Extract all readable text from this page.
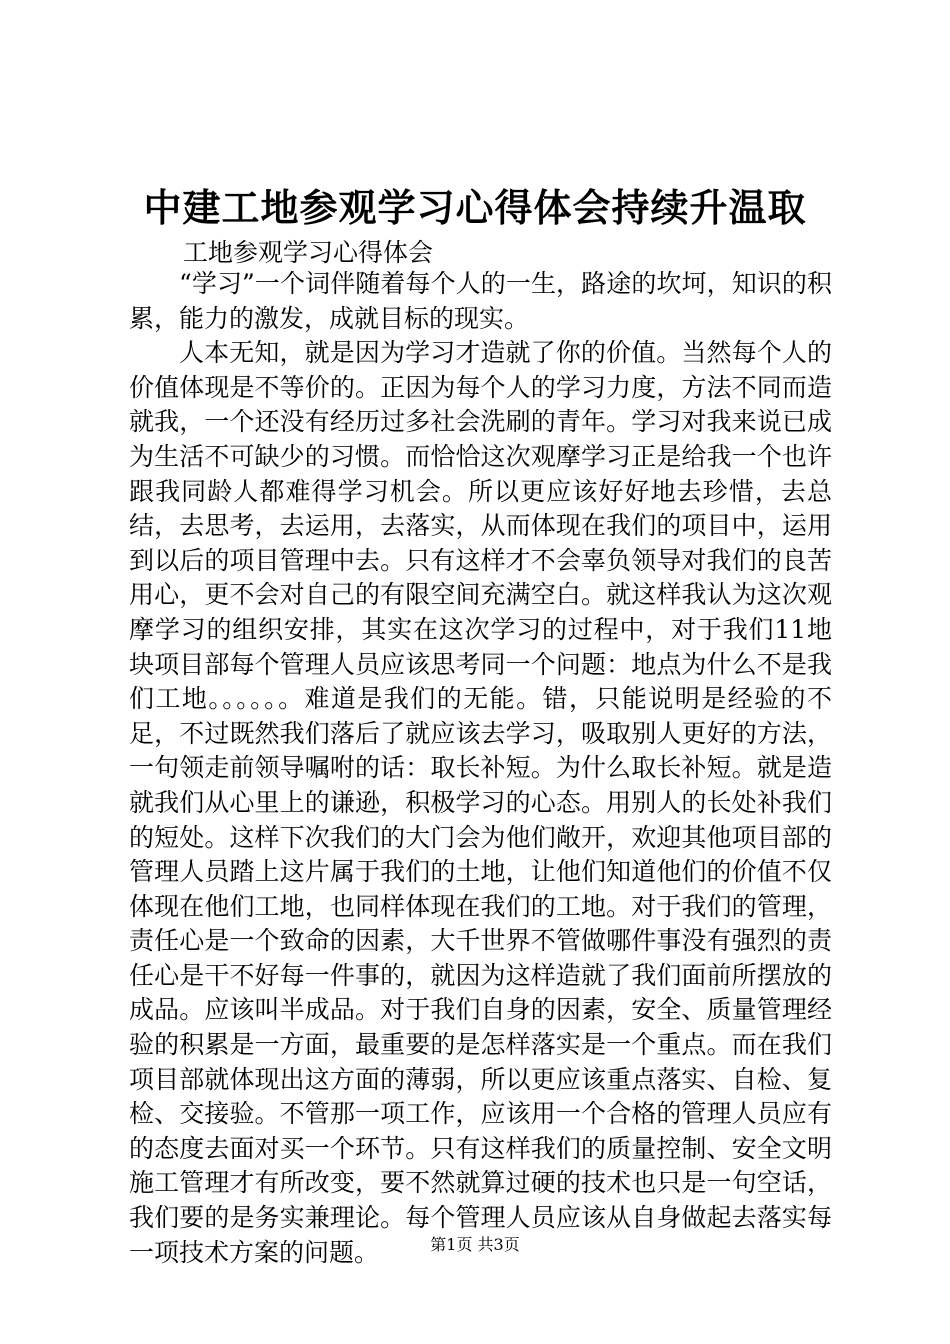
中建工地参观学习心得体会持续升温取
工地参观学习心得体会

“学习”一个词伴随着每个人的一生，路途的坎坷，知识的积累，能力的激发，成就目标的现实。

人本无知，就是因为学习才造就了你的价值。当然每个人的价值体现是不等价的。正因为每个人的学习力度，方法不同而造就我，一个还没有经历过多社会洗刷的青年。学习对我来说已成为生活不可缺少的习惯。而恰恰这次观摩学习正是给我一个也许跟我同龄人都难得学习机会。所以更应该好好地去珍惜，去总结，去思考，去运用，去落实，从而体现在我们的项目中，运用到以后的项目管理中去。只有这样才不会辜负领导对我们的良苦用心，更不会对自己的有限空间充满空白。就这样我认为这次观摩学习的组织安排，其实在这次学习的过程中，对于我们11地块项目部每个管理人员应该思考同一个问题：地点为什么不是我们工地。。。。。。难道是我们的无能。错，只能说明是经验的不足，不过既然我们落后了就应该去学习，吸取别人更好的方法，一句领走前领导嘱咐的话：取长补短。为什么取长补短。就是造就我们从心里上的谦逊，积极学习的心态。用别人的长处补我们的短处。这样下次我们的大门会为他们敞开，欢迎其他项目部的管理人员踏上这片属于我们的土地，让他们知道他们的价值不仅体现在他们工地，也同样体现在我们的工地。对于我们的管理，责任心是一个致命的因素，大千世界不管做哪件事没有强烈的责任心是干不好每一件事的，就因为这样造就了我们面前所摆放的成品。应该叫半成品。对于我们自身的因素，安全、质量管理经验的积累是一方面，最重要的是怎样落实是一个重点。而在我们项目部就体现出这方面的薄弱，所以更应该重点落实、自检、复检、交接验。不管那一项工作，应该用一个合格的管理人员应有的态度去面对买一个环节。只有这样我们的质量控制、安全文明施工管理才有所改变，要不然就算过硬的技术也只是一句空话，我们要的是务实兼理论。每个管理人员应该从自身做起去落实每一项技术方案的问题。	第1页 共3页
